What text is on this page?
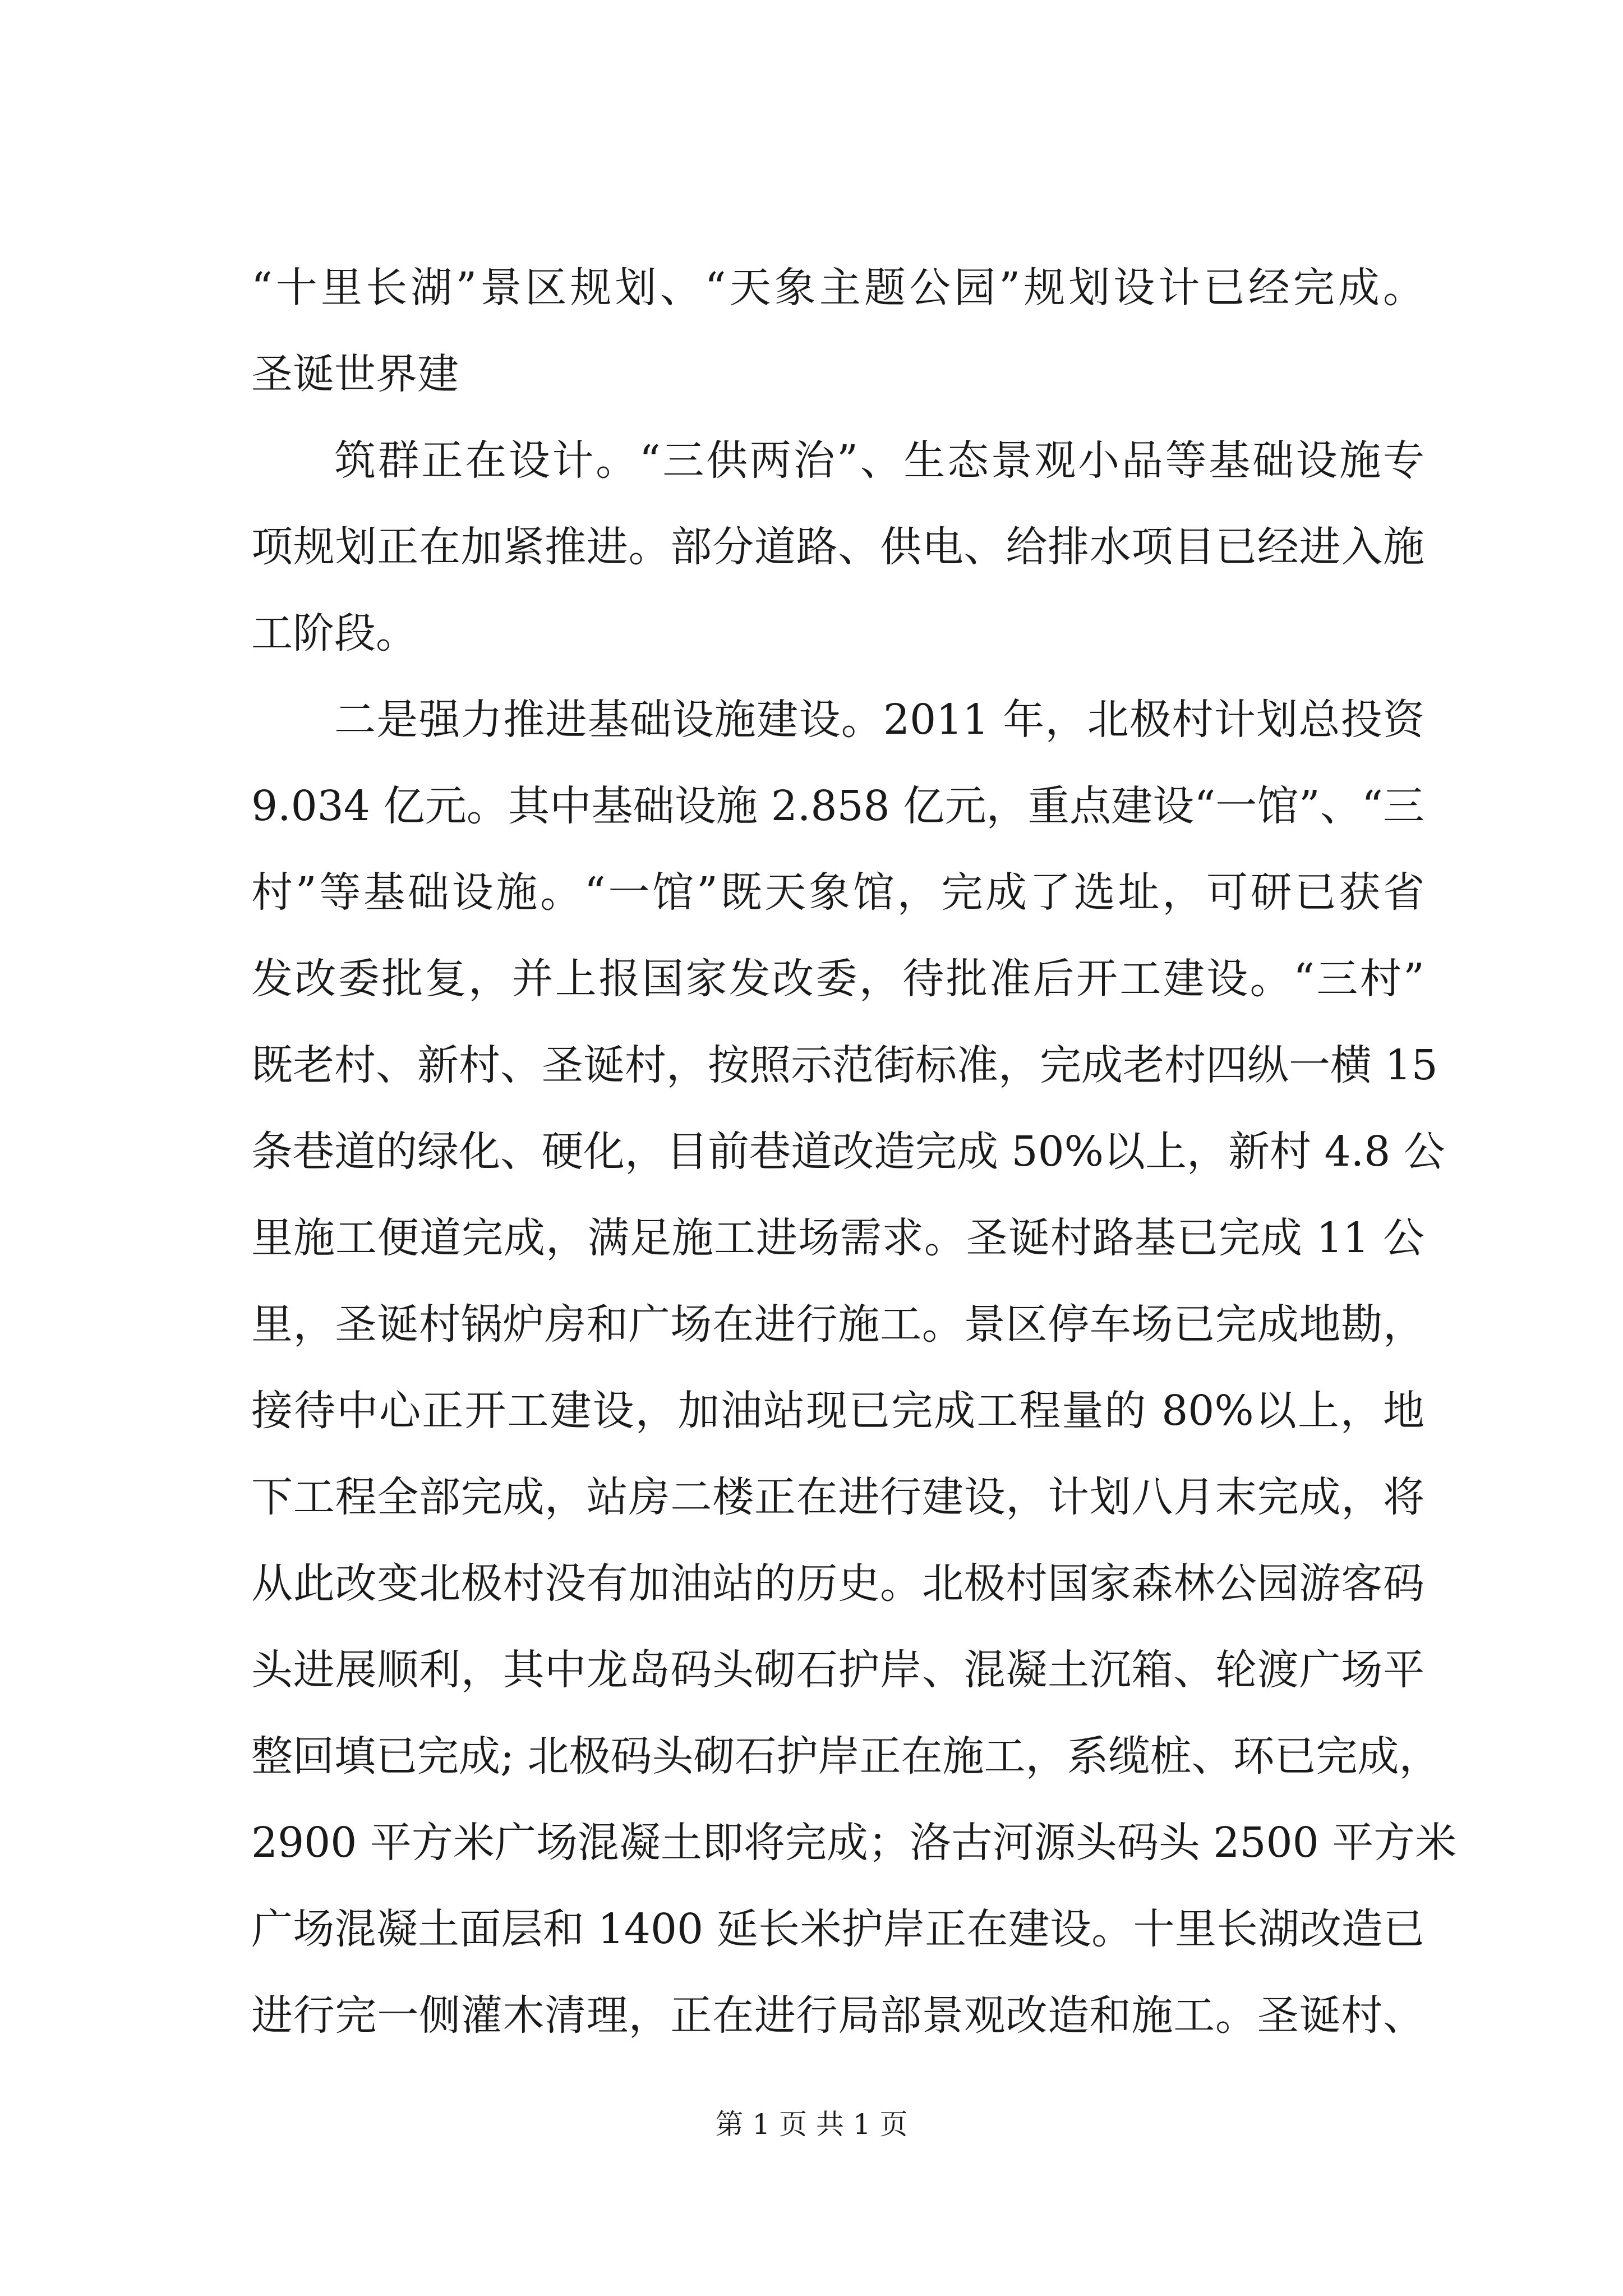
“十里长湖”景区规划、“天象主题公园”规划设计已经完成。
圣诞世界建
筑群正在设计。“三供两治”、生态景观小品等基础设施专
项规划正在加紧推进。部分道路、供电、给排水项目已经进入施
工阶段。
二是强力推进基础设施建设。2011 年，北极村计划总投资
9.034 亿元。其中基础设施 2.858 亿元，重点建设“一馆”、“三
村”等基础设施。“一馆”既天象馆，完成了选址，可研已获省
发改委批复，并上报国家发改委，待批准后开工建设。“三村”
既老村、新村、圣诞村，按照示范街标准，完成老村四纵一横 15
条巷道的绿化、硬化，目前巷道改造完成 50%以上，新村 4.8 公
里施工便道完成，满足施工进场需求。圣诞村路基已完成 11 公
里，圣诞村锅炉房和广场在进行施工。景区停车场已完成地勘，
接待中心正开工建设，加油站现已完成工程量的 80%以上，地
下工程全部完成，站房二楼正在进行建设，计划八月末完成，将
从此改变北极村没有加油站的历史。北极村国家森林公园游客码
头进展顺利，其中龙岛码头砌石护岸、混凝土沉箱、轮渡广场平
整回填已完成; 北极码头砌石护岸正在施工，系缆桩、环已完成，
2900 平方米广场混凝土即将完成；洛古河源头码头 2500 平方米
广场混凝土面层和 1400 延长米护岸正在建设。十里长湖改造已
进行完一侧灌木清理，正在进行局部景观改造和施工。圣诞村、
第 1 页 共 1 页
